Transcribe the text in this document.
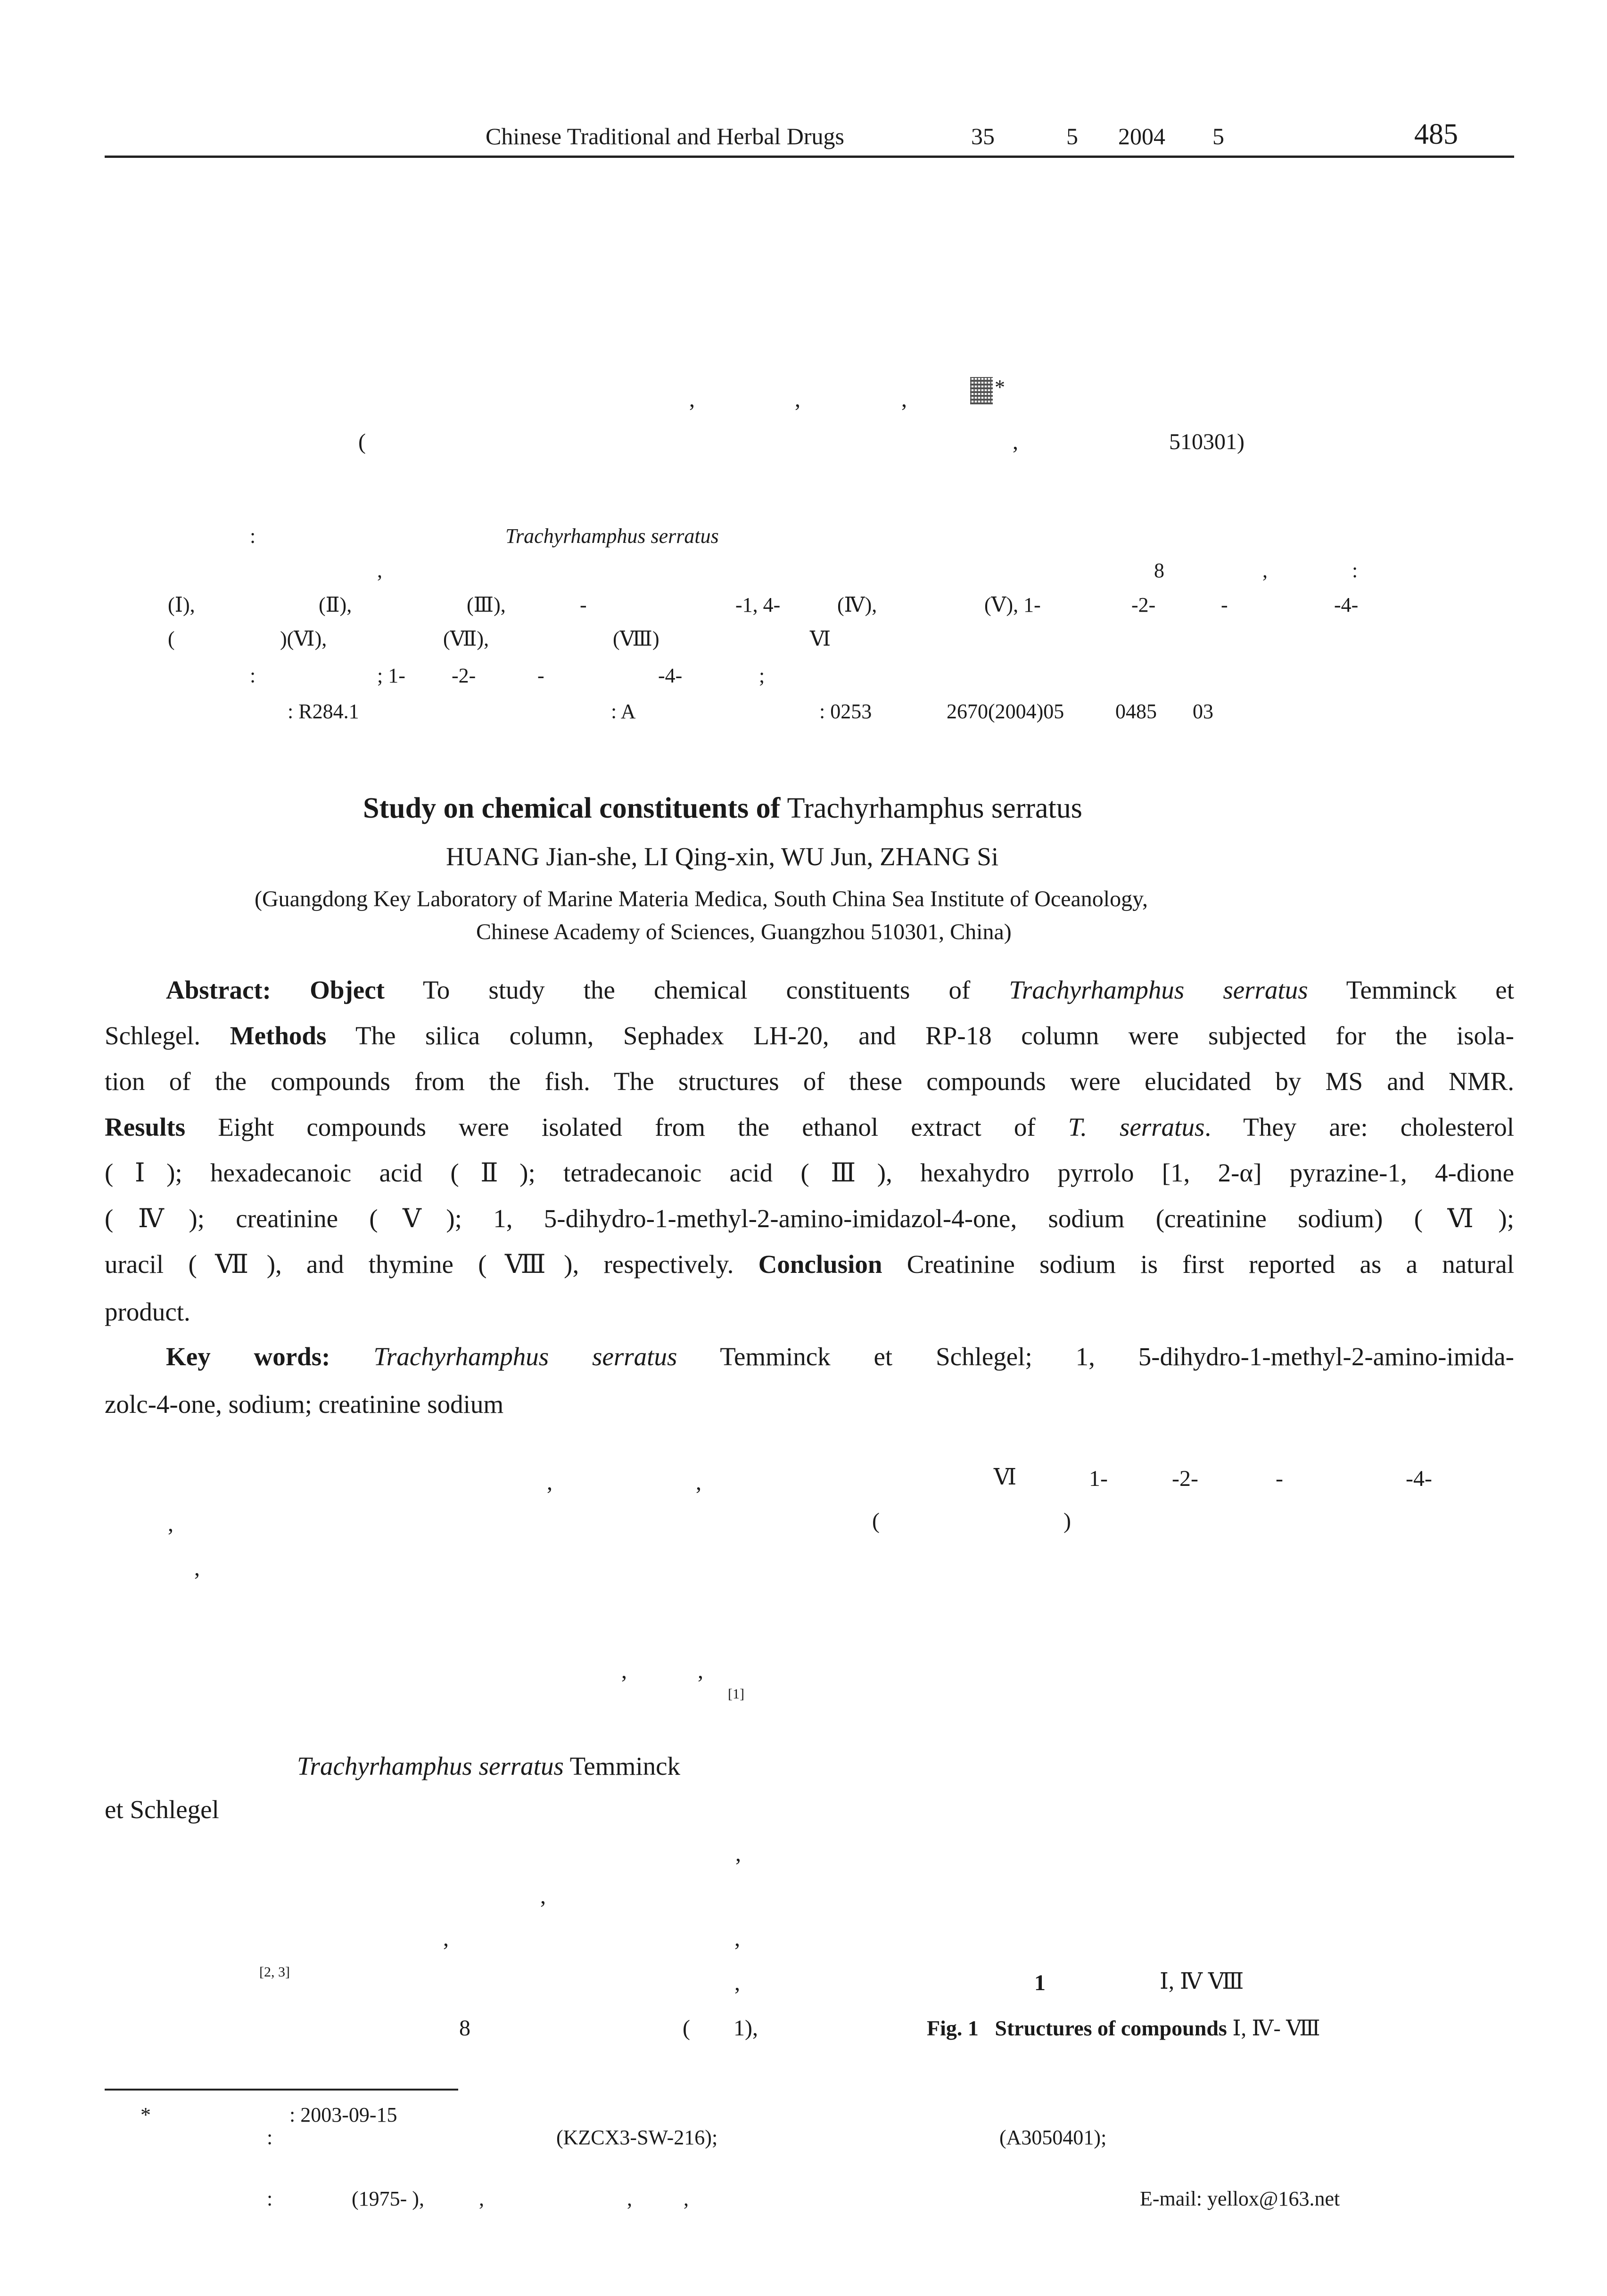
Chinese Traditional and Herbal Drugs	35	5 2004 5	485
,	,	,	*
(	,	510301)
:	Trachyrhamphus serratus
,	8	,	:
(Ⅰ),	(Ⅱ),	(Ⅲ),	-	-1, 4-	(Ⅳ),	(Ⅴ), 1-	-2-	-	-4-
(	)(Ⅵ),	(Ⅶ),	(Ⅷ)	Ⅵ
:	; 1- -2-	-	-4-	;
: R284.1	: A	: 0253	2670(2004)05 0485 03
Study on chemical constituents of Trachyrhamphus serratus
HUANG Jian-she, LI Qing-xin, WU Jun, ZHANG Si
(Guangdong Key Laboratory of Marine Materia Medica, South China Sea Institute of Oceanology,
Chinese Academy of Sciences, Guangzhou 510301, China)
Abstract: Object To study the chemical constituents of Trachyrhamphus serratus Temminck et
Schlegel. Methods The silica column, Sephadex LH-20, and RP-18 column were subjected for the isola-
tion of the compounds from the fish. The structures of these compounds were elucidated by MS and NMR.
Results Eight compounds were isolated from the ethanol extract of T. serratus. They are: cholesterol
(Ⅰ); hexadecanoic acid (Ⅱ); tetradecanoic acid (Ⅲ), hexahydro pyrrolo [1, 2-α] pyrazine-1, 4-dione
(Ⅳ); creatinine (Ⅴ); 1, 5-dihydro-1-methyl-2-amino-imidazol-4-one, sodium (creatinine sodium) (Ⅵ);
uracil (Ⅶ), and thymine (Ⅷ), respectively. Conclusion Creatinine sodium is first reported as a natural
product.
Key words: Trachyrhamphus serratus Temminck et Schlegel; 1, 5-dihydro-1-methyl-2-amino-imida-
zolc-4-one, sodium; creatinine sodium
,	,	Ⅵ	1-	-2-	-	-4-
,	(	)
,
,	,
[1]
Trachyrhamphus serratus Temminck
et Schlegel
,
,
,	,
,
[2, 3]
8	( 1),
1	Ⅰ, Ⅳ Ⅷ
Fig. 1 Structures of compounds Ⅰ, Ⅳ- Ⅷ
*	: 2003-09-15
:	(KZCX3-SW-216);	(A3050401);
:	(1975- ),	,	, ,	E-mail: yellox@163.net
